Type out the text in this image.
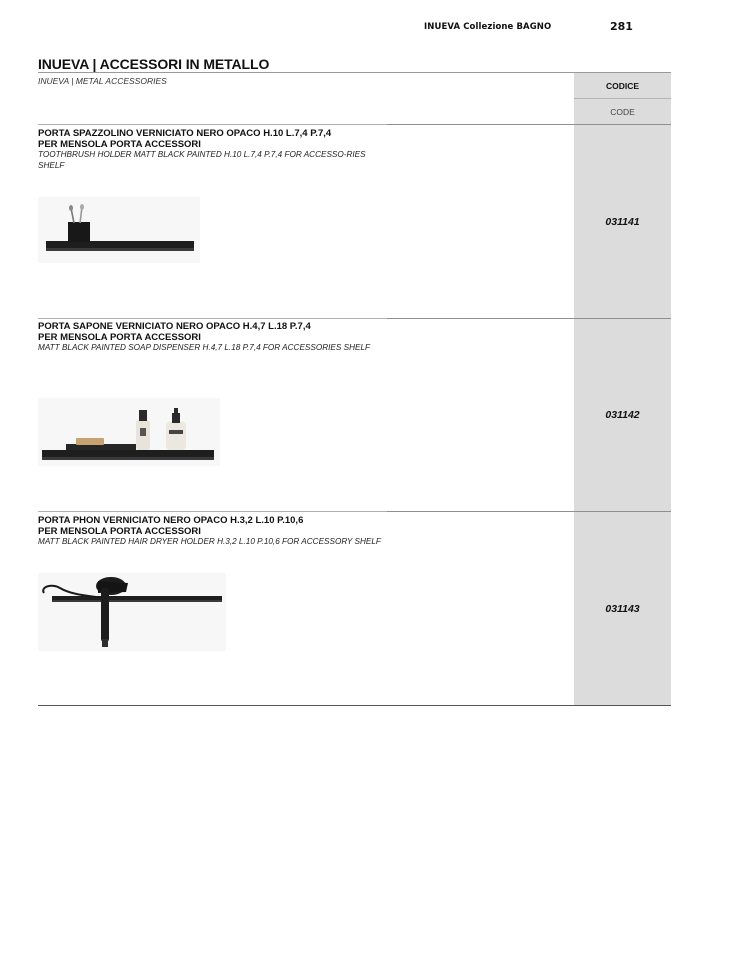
INUEVA Collezione BAGNO	281
INUEVA | ACCESSORI IN METALLO
INUEVA | METAL ACCESSORIES	CODICE
CODE
PORTA SPAZZOLINO VERNICIATO NERO OPACO H.10 L.7,4 P.7,4
PER MENSOLA PORTA ACCESSORI
TOOTHBRUSH HOLDER MATT BLACK PAINTED H.10 L.7,4 P.7,4 FOR ACCESSO-RIES SHELF
031141
PORTA SAPONE VERNICIATO NERO OPACO H.4,7 L.18 P.7,4
PER MENSOLA PORTA ACCESSORI
MATT BLACK PAINTED SOAP DISPENSER H.4,7 L.18 P.7,4 FOR ACCESSORIES SHELF
031142
PORTA PHON VERNICIATO NERO OPACO H.3,2 L.10 P.10,6
PER MENSOLA PORTA ACCESSORI
MATT BLACK PAINTED HAIR DRYER HOLDER H.3,2 L.10 P.10,6 FOR ACCESSORY SHELF
031143
